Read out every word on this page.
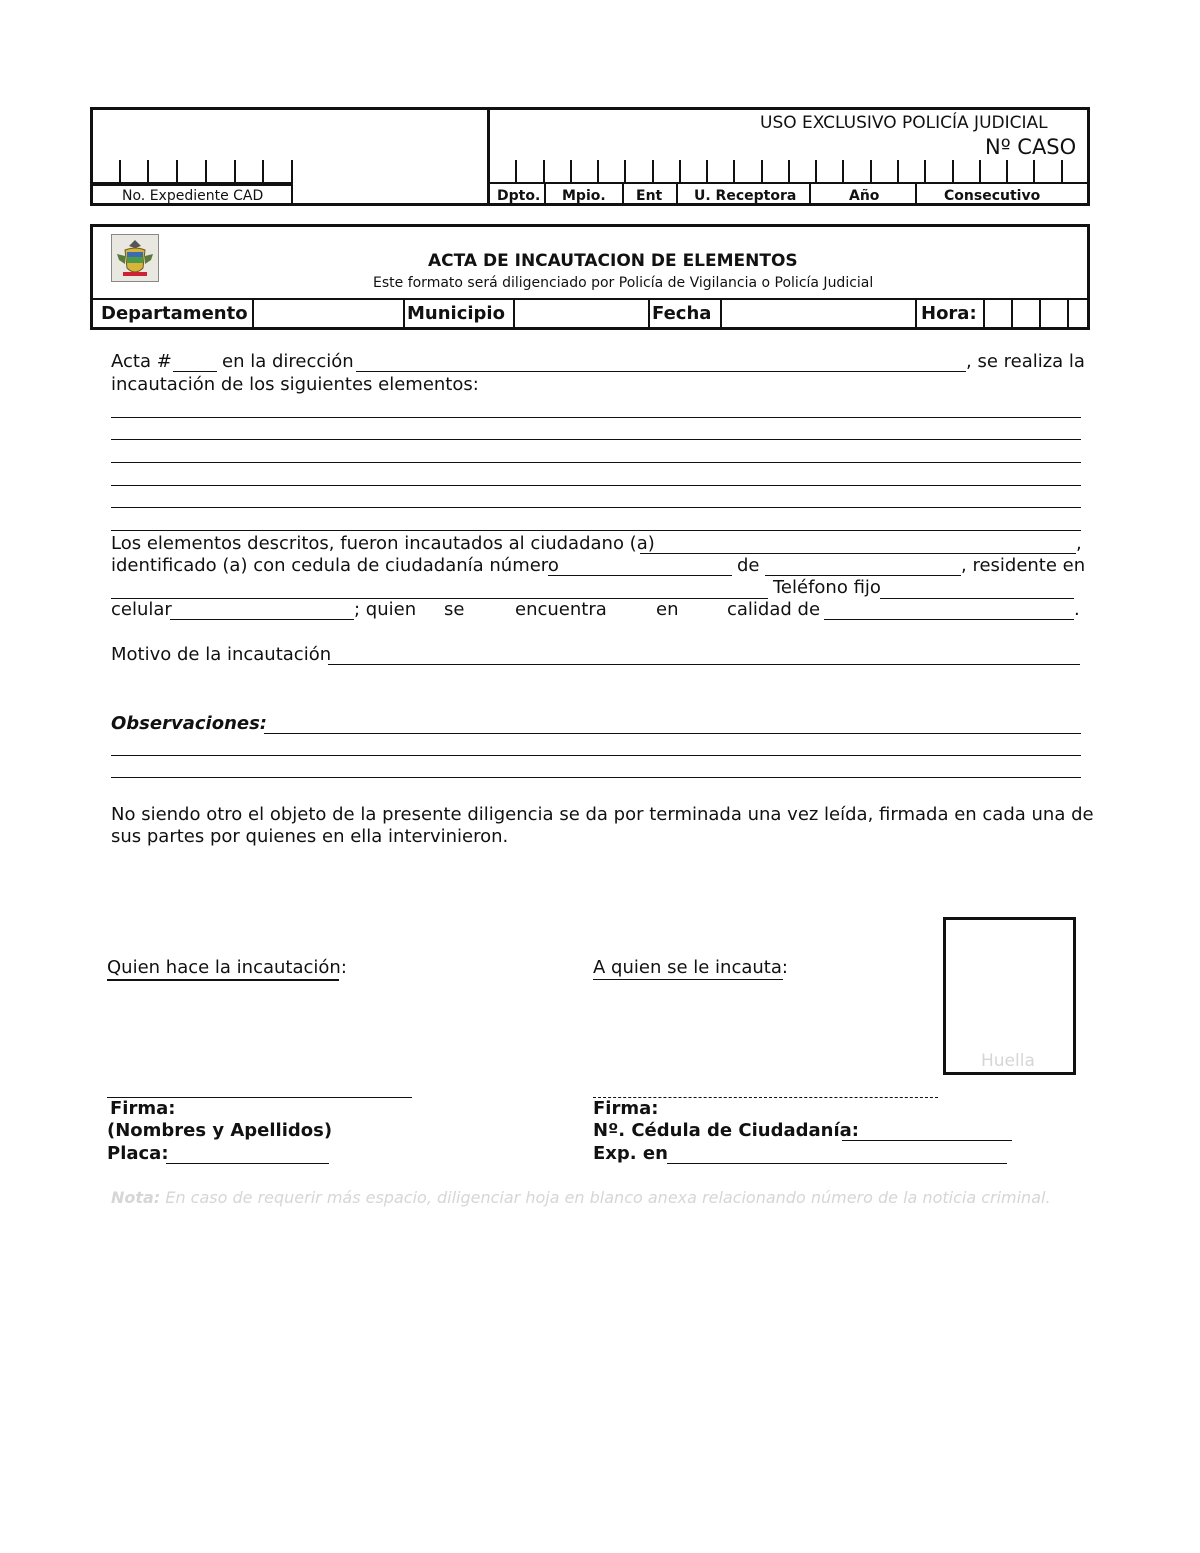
USO EXCLUSIVO POLICÍA JUDICIAL
Nº CASO
No. Expediente CAD	Dpto. Mpio. Ent U. Receptora	Año	Consecutivo
ACTA DE INCAUTACION DE ELEMENTOS
Este formato será diligenciado por Policía de Vigilancia o Policía Judicial
Departamento	Municipio	Fecha	Hora:
Acta #	en la dirección	, se realiza la
incautación de los siguientes elementos:
Los elementos descritos, fueron incautados al ciudadano (a)	,
identificado (a) con cedula de ciudadanía número	de	, residente en
Teléfono fijo
celular	; quien se	encuentra	en	calidad de	.
Motivo de la incautación
Observaciones:
No siendo otro el objeto de la presente diligencia se da por terminada una vez leída, firmada en cada una de
sus partes por quienes en ella intervinieron.
Huella
Quien hace la incautación:	A quien se le incauta:
Firma:
(Nombres y Apellidos)
Placa:
Firma:
Nº. Cédula de Ciudadanía:
Exp. en
Nota: En caso de requerir más espacio, diligenciar hoja en blanco anexa relacionando número de la noticia criminal.
